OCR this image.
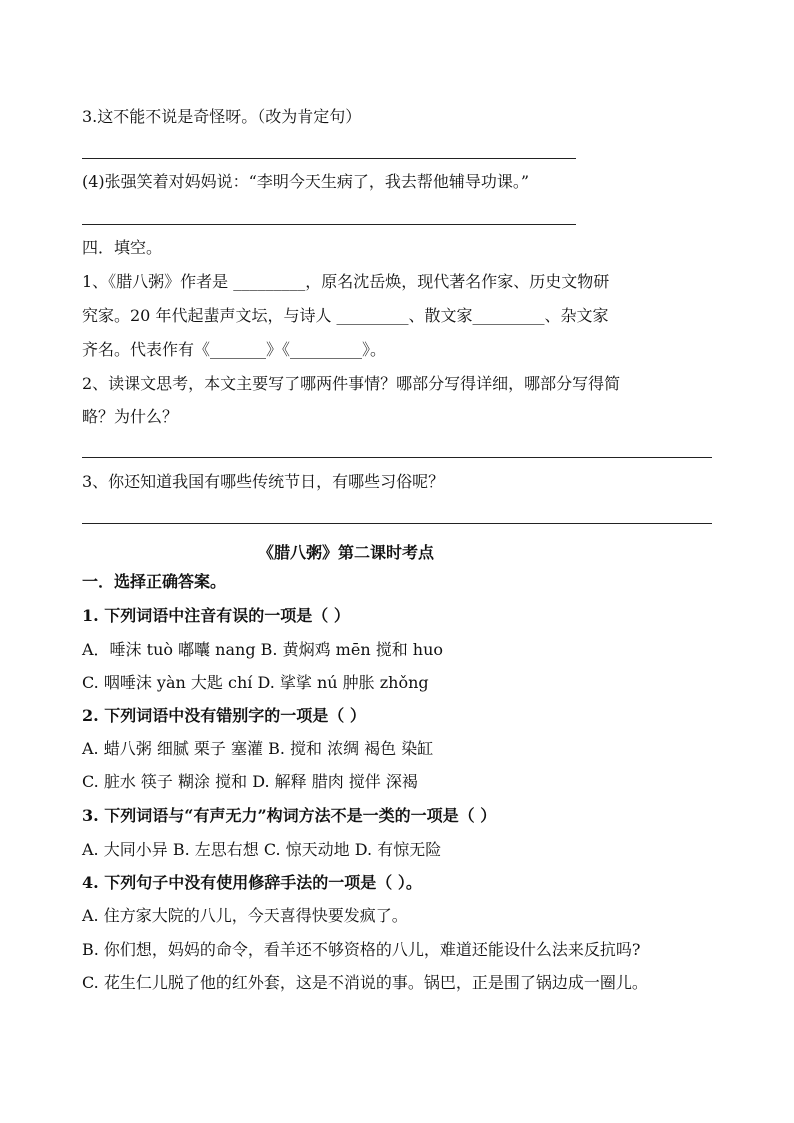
3.这不能不说是奇怪呀。（改为肯定句）
(4)张强笑着对妈妈说：“李明今天生病了，我去帮他辅导功课。”
四．填空。
1、《腊八粥》作者是 _________，原名沈岳焕，现代著名作家、历史文物研
究家。20 年代起蜚声文坛，与诗人 _________、散文家_________、杂文家
齐名。代表作有《_______》《_________》。
2、读课文思考，本文主要写了哪两件事情？哪部分写得详细，哪部分写得简
略？为什么？
3、你还知道我国有哪些传统节日，有哪些习俗呢？
《腊八粥》第二课时考点
一．选择正确答案。
1. 下列词语中注音有误的一项是（ ）
A．唾沫 tuò 嘟囔 nang B. 黄焖鸡 mēn 搅和 huo
C. 咽唾沫 yàn 大匙 chí D. 挲挲 nú 肿胀 zhǒng
2. 下列词语中没有错别字的一项是（ ）
A. 蜡八粥 细腻 栗子 塞灌 B. 搅和 浓绸 褐色 染缸
C. 脏水 筷子 糊涂 搅和 D. 解释 腊肉 搅伴 深褐
3. 下列词语与“有声无力”构词方法不是一类的一项是（ ）
A. 大同小异 B. 左思右想 C. 惊天动地 D. 有惊无险
4. 下列句子中没有使用修辞手法的一项是（ ）。
A. 住方家大院的八儿，今天喜得快要发疯了。
B. 你们想，妈妈的命令，看羊还不够资格的八儿，难道还能设什么法来反抗吗?
C. 花生仁儿脱了他的红外套，这是不消说的事。锅巴，正是围了锅边成一圈儿。
